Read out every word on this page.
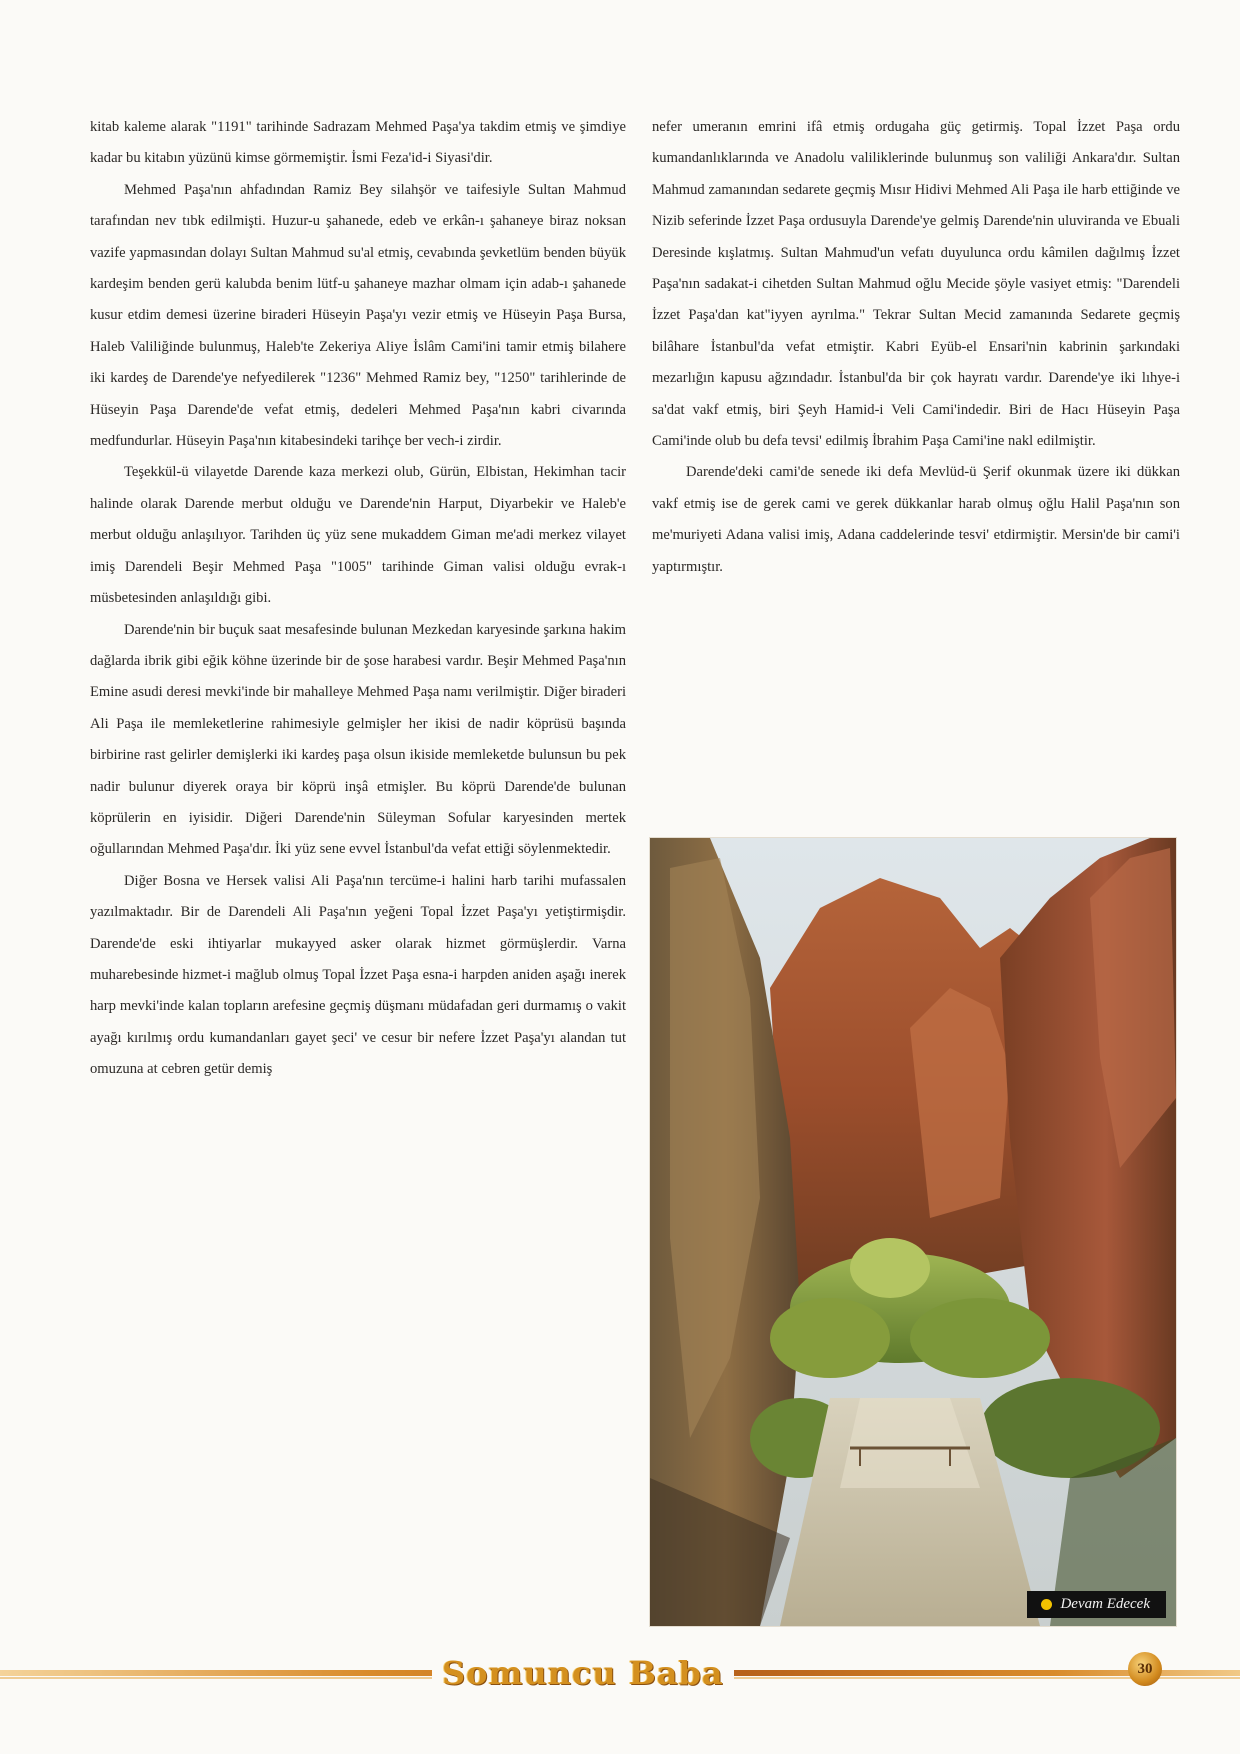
kitab kaleme alarak "1191" tarihinde Sadrazam Mehmed Paşa'ya takdim etmiş ve şimdiye kadar bu kitabın yüzünü kimse görmemiştir. İsmi Feza'id-i Siyasi'dir.

Mehmed Paşa'nın ahfadından Ramiz Bey silahşör ve taifesiyle Sultan Mahmud tarafından nev tıbk edilmişti. Huzur-u şahanede, edeb ve erkân-ı şahaneye biraz noksan vazife yapmasından dolayı Sultan Mahmud su'al etmiş, cevabında şevketlüm benden büyük kardeşim benden gerü kalubda benim lütf-u şahaneye mazhar olmam için adab-ı şahanede kusur etdim demesi üzerine biraderi Hüseyin Paşa'yı vezir etmiş ve Hüseyin Paşa Bursa, Haleb Valiliğinde bulunmuş, Haleb'te Zekeriya Aliye İslâm Cami'ini tamir etmiş bilahere iki kardeş de Darende'ye nefyedilerek "1236" Mehmed Ramiz bey, "1250" tarihlerinde de Hüseyin Paşa Darende'de vefat etmiş, dedeleri Mehmed Paşa'nın kabri civarında medfundurlar. Hüseyin Paşa'nın kitabesindeki tarihçe ber vech-i zirdir.

Teşekkül-ü vilayetde Darende kaza merkezi olub, Gürün, Elbistan, Hekimhan tacir halinde olarak Darende merbut olduğu ve Darende'nin Harput, Diyarbekir ve Haleb'e merbut olduğu anlaşılıyor. Tarihden üç yüz sene mukaddem Giman me'adi merkez vilayet imiş Darendeli Beşir Mehmed Paşa "1005" tarihinde Giman valisi olduğu evrak-ı müsbetesinden anlaşıldığı gibi.

Darende'nin bir buçuk saat mesafesinde bulunan Mezkedan karyesinde şarkına hakim dağlarda ibrik gibi eğik köhne üzerinde bir de şose harabesi vardır. Beşir Mehmed Paşa'nın Emine asudi deresi mevki'inde bir mahalleye Mehmed Paşa namı verilmiştir. Diğer biraderi Ali Paşa ile memleketlerine rahimesiyle gelmişler her ikisi de nadir köprüsü başında birbirine rast gelirler demişlerki iki kardeş paşa olsun ikiside memleketde bulunsun bu pek nadir bulunur diyerek oraya bir köprü inşâ etmişler. Bu köprü Darende'de bulunan köprülerin en iyisidir. Diğeri Darende'nin Süleyman Sofular karyesinden mertek oğullarından Mehmed Paşa'dır. İki yüz sene evvel İstanbul'da vefat ettiği söylenmektedir.

Diğer Bosna ve Hersek valisi Ali Paşa'nın tercüme-i halini harb tarihi mufassalen yazılmaktadır. Bir de Darendeli Ali Paşa'nın yeğeni Topal İzzet Paşa'yı yetiştirmişdir. Darende'de eski ihtiyarlar mukayyed asker olarak hizmet görmüşlerdir. Varna muharebesinde hizmet-i mağlub olmuş Topal İzzet Paşa esna-i harpden aniden aşağı inerek harp mevki'inde kalan topların arefesine geçmiş düşmanı müdafadan geri durmamış o vakit ayağı kırılmış ordu kumandanları gayet şeci' ve cesur bir nefere İzzet Paşa'yı alandan tut omuzuna at cebren getür demiş

nefer umeranın emrini ifâ etmiş ordugaha güç getirmiş. Topal İzzet Paşa ordu kumandanlıklarında ve Anadolu valiliklerinde bulunmuş son valiliği Ankara'dır. Sultan Mahmud zamanından sedarete geçmiş Mısır Hidivi Mehmed Ali Paşa ile harb ettiğinde ve Nizib seferinde İzzet Paşa ordusuyla Darende'ye gelmiş Darende'nin uluviranda ve Ebuali Deresinde kışlatmış. Sultan Mahmud'un vefatı duyulunca ordu kâmilen dağılmış İzzet Paşa'nın sadakat-i cihetden Sultan Mahmud oğlu Mecide şöyle vasiyet etmiş: "Darendeli İzzet Paşa'dan kat"iyyen ayrılma." Tekrar Sultan Mecid zamanında Sedarete geçmiş bilâhare İstanbul'da vefat etmiştir. Kabri Eyüb-el Ensari'nin kabrinin şarkındaki mezarlığın kapusu ağzındadır. İstanbul'da bir çok hayratı vardır. Darende'ye iki lıhye-i sa'dat vakf etmiş, biri Şeyh Hamid-i Veli Cami'indedir. Biri de Hacı Hüseyin Paşa Cami'inde olub bu defa tevsi' edilmiş İbrahim Paşa Cami'ine nakl edilmiştir.

Darende'deki cami'de senede iki defa Mevlüd-ü Şerif okunmak üzere iki dükkan vakf etmiş ise de gerek cami ve gerek dükkanlar harab olmuş oğlu Halil Paşa'nın son me'muriyeti Adana valisi imiş, Adana caddelerinde tesvi' etdirmiştir. Mersin'de bir cami'i yaptırmıştır.

Devam Edecek
Somuncu Baba	30
